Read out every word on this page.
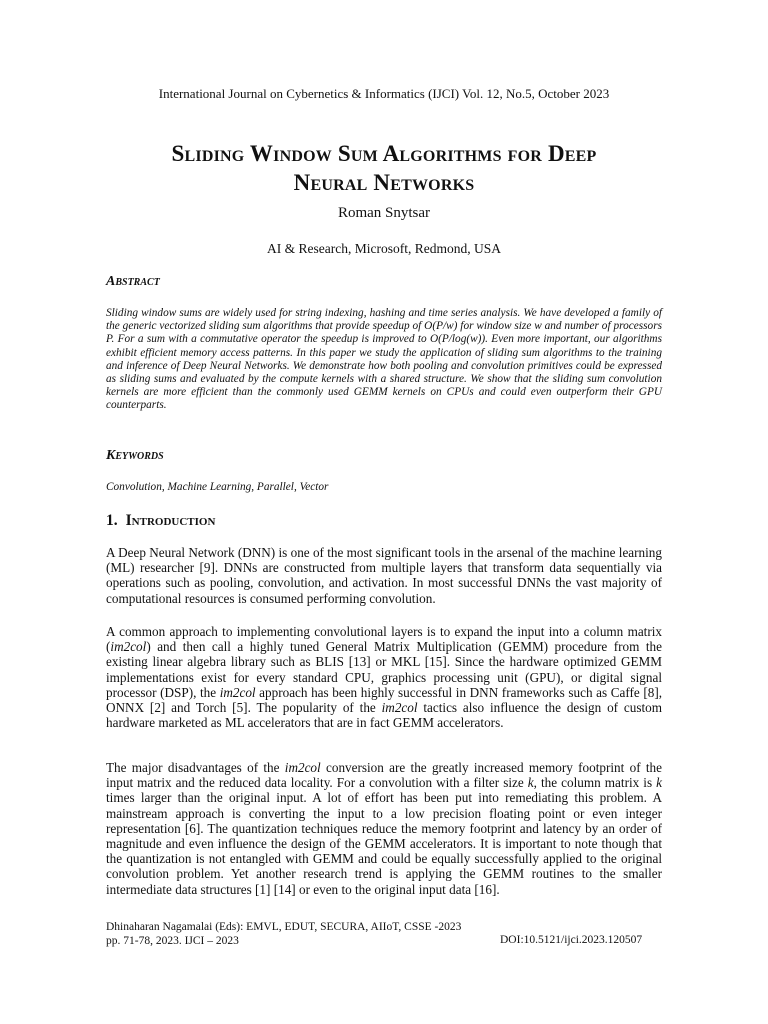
International Journal on Cybernetics & Informatics (IJCI) Vol. 12, No.5, October 2023
Sliding Window Sum Algorithms for Deep
Neural Networks
Roman Snytsar
AI & Research, Microsoft, Redmond, USA
Abstract
Sliding window sums are widely used for string indexing, hashing and time series analysis. We have developed a family of the generic vectorized sliding sum algorithms that provide speedup of O(P/w) for window size w and number of processors P. For a sum with a commutative operator the speedup is improved to O(P/log(w)). Even more important, our algorithms exhibit efficient memory access patterns. In this paper we study the application of sliding sum algorithms to the training and inference of Deep Neural Networks. We demonstrate how both pooling and convolution primitives could be expressed as sliding sums and evaluated by the compute kernels with a shared structure. We show that the sliding sum convolution kernels are more efficient than the commonly used GEMM kernels on CPUs and could even outperform their GPU counterparts.
Keywords
Convolution, Machine Learning, Parallel, Vector
1. Introduction
A Deep Neural Network (DNN) is one of the most significant tools in the arsenal of the machine learning (ML) researcher [9]. DNNs are constructed from multiple layers that transform data sequentially via operations such as pooling, convolution, and activation. In most successful DNNs the vast majority of computational resources is consumed performing convolution.
A common approach to implementing convolutional layers is to expand the input into a column matrix (im2col) and then call a highly tuned General Matrix Multiplication (GEMM) procedure from the existing linear algebra library such as BLIS [13] or MKL [15]. Since the hardware optimized GEMM implementations exist for every standard CPU, graphics processing unit (GPU), or digital signal processor (DSP), the im2col approach has been highly successful in DNN frameworks such as Caffe [8], ONNX [2] and Torch [5]. The popularity of the im2col tactics also influence the design of custom hardware marketed as ML accelerators that are in fact GEMM accelerators.
The major disadvantages of the im2col conversion are the greatly increased memory footprint of the input matrix and the reduced data locality. For a convolution with a filter size k, the column matrix is k times larger than the original input. A lot of effort has been put into remediating this problem. A mainstream approach is converting the input to a low precision floating point or even integer representation [6]. The quantization techniques reduce the memory footprint and latency by an order of magnitude and even influence the design of the GEMM accelerators. It is important to note though that the quantization is not entangled with GEMM and could be equally successfully applied to the original convolution problem. Yet another research trend is applying the GEMM routines to the smaller intermediate data structures [1] [14] or even to the original input data [16].
Dhinaharan Nagamalai (Eds): EMVL, EDUT, SECURA, AIIoT, CSSE -2023
pp. 71-78, 2023. IJCI – 2023	DOI:10.5121/ijci.2023.120507
